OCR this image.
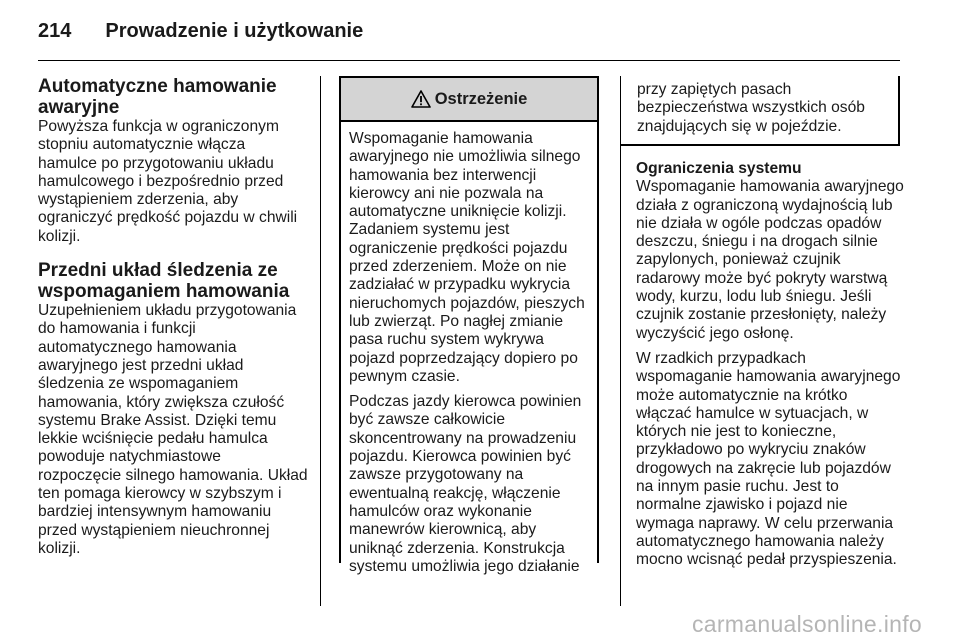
214 Prowadzenie i użytkowanie
Automatyczne hamowanie awaryjne

Powyższa funkcja w ograniczonym stopniu automatycznie włącza hamulce po przygotowaniu układu hamulcowego i bezpośrednio przed wystąpieniem zderzenia, aby ograniczyć prędkość pojazdu w chwili kolizji.

Przedni układ śledzenia ze wspomaganiem hamowania

Uzupełnieniem układu przygotowania do hamowania i funkcji automatycznego hamowania awaryjnego jest przedni układ śledzenia ze wspomaganiem hamowania, który zwiększa czułość systemu Brake Assist. Dzięki temu lekkie wciśnięcie pedału hamulca powoduje natychmiastowe rozpoczęcie silnego hamowania. Układ ten pomaga kierowcy w szybszym i bardziej intensywnym hamowaniu przed wystąpieniem nieuchronnej kolizji.

Ostrzeżenie

Wspomaganie hamowania awaryjnego nie umożliwia silnego hamowania bez interwencji kierowcy ani nie pozwala na automatyczne uniknięcie kolizji. Zadaniem systemu jest ograniczenie prędkości pojazdu przed zderzeniem. Może on nie zadziałać w przypadku wykrycia nieruchomych pojazdów, pieszych lub zwierząt. Po nagłej zmianie pasa ruchu system wykrywa pojazd poprzedzający dopiero po pewnym czasie.

Podczas jazdy kierowca powinien być zawsze całkowicie skoncentrowany na prowadzeniu pojazdu. Kierowca powinien być zawsze przygotowany na ewentualną reakcję, włączenie hamulców oraz wykonanie manewrów kierownicą, aby uniknąć zderzenia. Konstrukcja systemu umożliwia jego działanie

przy zapiętych pasach bezpieczeństwa wszystkich osób znajdujących się w pojeździe.

Ograniczenia systemu

Wspomaganie hamowania awaryjnego działa z ograniczoną wydajnością lub nie działa w ogóle podczas opadów deszczu, śniegu i na drogach silnie zapylonych, ponieważ czujnik radarowy może być pokryty warstwą wody, kurzu, lodu lub śniegu. Jeśli czujnik zostanie przesłonięty, należy wyczyścić jego osłonę.

W rzadkich przypadkach wspomaganie hamowania awaryjnego może automatycznie na krótko włączać hamulce w sytuacjach, w których nie jest to konieczne, przykładowo po wykryciu znaków drogowych na zakręcie lub pojazdów na innym pasie ruchu. Jest to normalne zjawisko i pojazd nie wymaga naprawy. W celu przerwania automatycznego hamowania należy mocno wcisnąć pedał przyspieszenia.

carmanualsonline.info
